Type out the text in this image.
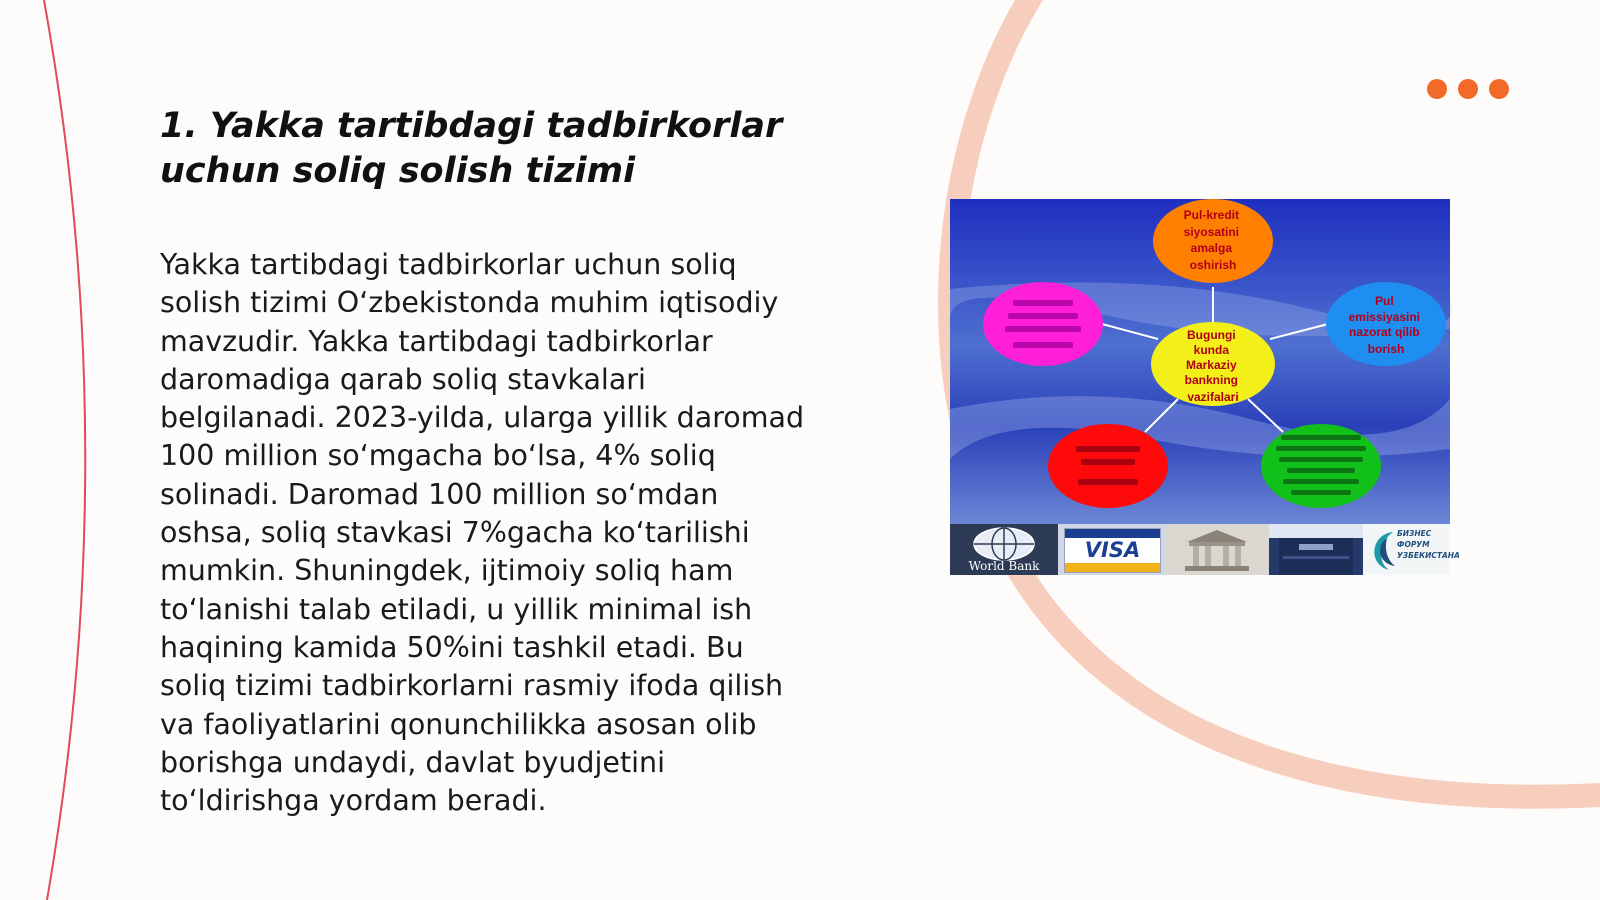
1. Yakka tartibdagi tadbirkorlar uchun soliq solish tizimi

Yakka tartibdagi tadbirkorlar uchun soliq
solish tizimi O‘zbekistonda muhim iqtisodiy
mavzudir. Yakka tartibdagi tadbirkorlar
daromadiga qarab soliq stavkalari
belgilanadi. 2023-yilda, ularga yillik daromad
100 million so‘mgacha bo‘lsa, 4% soliq
solinadi. Daromad 100 million so‘mdan
oshsa, soliq stavkasi 7%gacha ko‘tarilishi
mumkin. Shuningdek, ijtimoiy soliq ham
to‘lanishi talab etiladi, u yillik minimal ish
haqining kamida 50%ini tashkil etadi. Bu
soliq tizimi tadbirkorlarni rasmiy ifoda qilish
va faoliyatlarini qonunchilikka asosan olib
borishga undaydi, davlat byudjetini
to‘ldirishga yordam beradi.

Pul-kredit siyosatini amalga oshirish
Bugungi kunda Markaziy bankning vazifalari
Pul emissiyasini nazorat qilib borish
World Bank
VISA
БИЗНЕС
ФОРУМ
УЗБЕКИСТАНА
